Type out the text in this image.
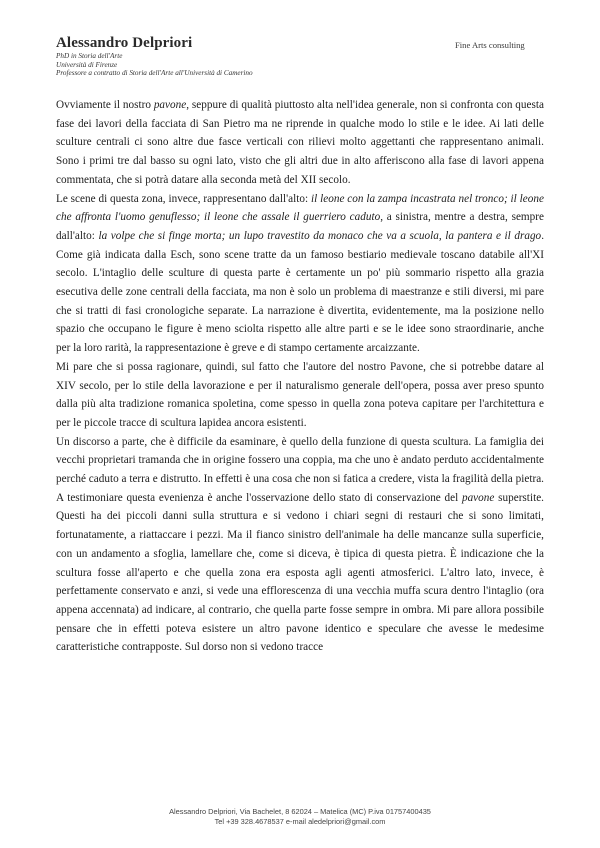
Alessandro Delpriori
PhD in Storia dell'Arte
Università di Firenze
Professore a contratto di Storia dell'Arte all'Università di Camerino
Fine Arts consulting

Ovviamente il nostro pavone, seppure di qualità piuttosto alta nell'idea generale, non si confronta con questa fase dei lavori della facciata di San Pietro ma ne riprende in qualche modo lo stile e le idee. Ai lati delle sculture centrali ci sono altre due fasce verticali con rilievi molto aggettanti che rappresentano animali. Sono i primi tre dal basso su ogni lato, visto che gli altri due in alto afferiscono alla fase di lavori appena commentata, che si potrà datare alla seconda metà del XII secolo.

Le scene di questa zona, invece, rappresentano dall'alto: il leone con la zampa incastrata nel tronco; il leone che affronta l'uomo genuflesso; il leone che assale il guerriero caduto, a sinistra, mentre a destra, sempre dall'alto: la volpe che si finge morta; un lupo travestito da monaco che va a scuola, la pantera e il drago. Come già indicata dalla Esch, sono scene tratte da un famoso bestiario medievale toscano databile all'XI secolo. L'intaglio delle sculture di questa parte è certamente un po' più sommario rispetto alla grazia esecutiva delle zone centrali della facciata, ma non è solo un problema di maestranze e stili diversi, mi pare che si tratti di fasi cronologiche separate. La narrazione è divertita, evidentemente, ma la posizione nello spazio che occupano le figure è meno sciolta rispetto alle altre parti e se le idee sono straordinarie, anche per la loro rarità, la rappresentazione è greve e di stampo certamente arcaizzante.

Mi pare che si possa ragionare, quindi, sul fatto che l'autore del nostro Pavone, che si potrebbe datare al XIV secolo, per lo stile della lavorazione e per il naturalismo generale dell'opera, possa aver preso spunto dalla più alta tradizione romanica spoletina, come spesso in quella zona poteva capitare per l'architettura e per le piccole tracce di scultura lapidea ancora esistenti.

Un discorso a parte, che è difficile da esaminare, è quello della funzione di questa scultura. La famiglia dei vecchi proprietari tramanda che in origine fossero una coppia, ma che uno è andato perduto accidentalmente perché caduto a terra e distrutto. In effetti è una cosa che non si fatica a credere, vista la fragilità della pietra. A testimoniare questa evenienza è anche l'osservazione dello stato di conservazione del pavone superstite. Questi ha dei piccoli danni sulla struttura e si vedono i chiari segni di restauri che si sono limitati, fortunatamente, a riattaccare i pezzi. Ma il fianco sinistro dell'animale ha delle mancanze sulla superficie, con un andamento a sfoglia, lamellare che, come si diceva, è tipica di questa pietra. È indicazione che la scultura fosse all'aperto e che quella zona era esposta agli agenti atmosferici. L'altro lato, invece, è perfettamente conservato e anzi, si vede una efflorescenza di una vecchia muffa scura dentro l'intaglio (ora appena accennata) ad indicare, al contrario, che quella parte fosse sempre in ombra. Mi pare allora possibile pensare che in effetti poteva esistere un altro pavone identico e speculare che avesse le medesime caratteristiche contrapposte. Sul dorso non si vedono tracce

Alessandro Delpriori, Via Bachelet, 8 62024 – Matelica (MC) P.iva 01757400435
Tel +39 328.4678537 e-mail aledelpriori@gmail.com
